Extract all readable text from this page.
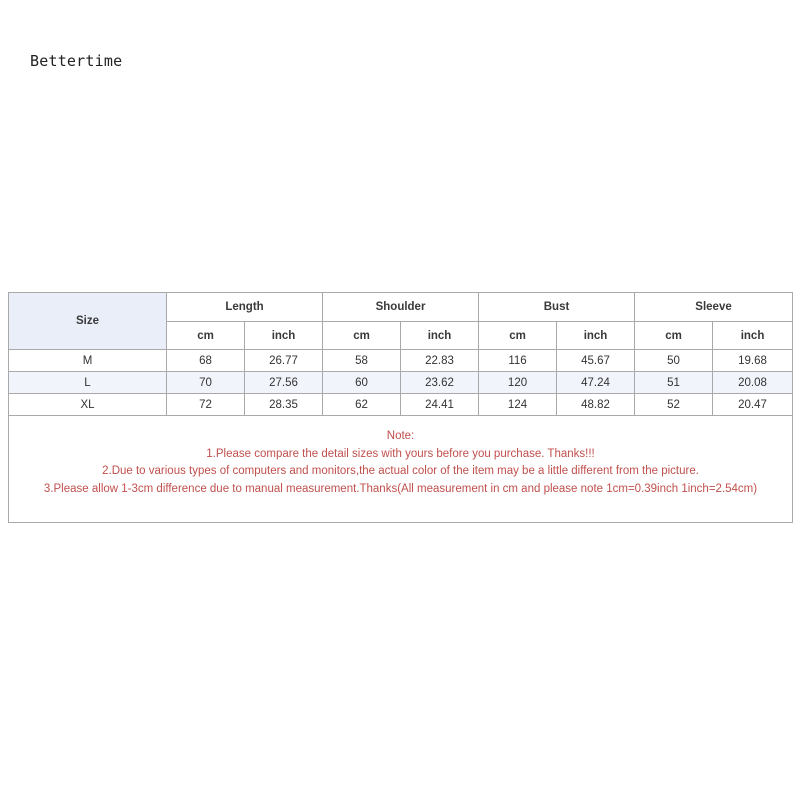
Bettertime
Size	Length		Shoulder		Bust		Sleeve	
	cm	inch	cm	inch	cm	inch	cm	inch
M	68	26.77	58	22.83	116	45.67	50	19.68
L	70	27.56	60	23.62	120	47.24	51	20.08
XL	72	28.35	62	24.41	124	48.82	52	20.47

Note:
1.Please compare the detail sizes with yours before you purchase. Thanks!!!
2.Due to various types of computers and monitors,the actual color of the item may be a little different from the picture.
3.Please allow 1-3cm difference due to manual measurement.Thanks(All measurement in cm and please note 1cm=0.39inch 1inch=2.54cm)								
